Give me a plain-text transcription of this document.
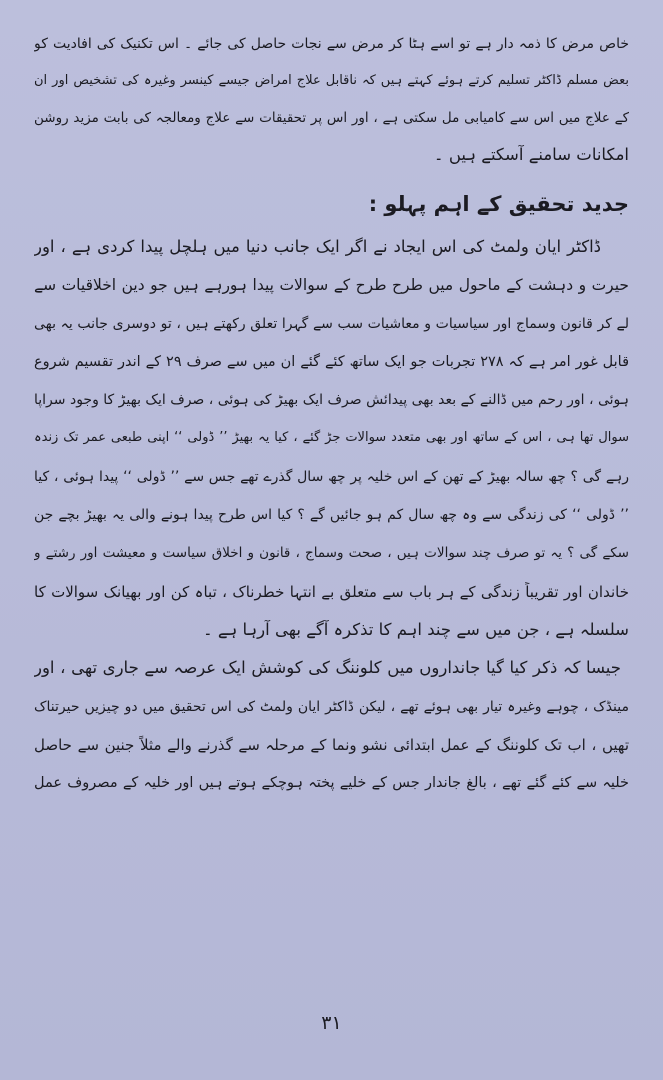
خاص مرض کا ذمہ دار ہے تو اسے ہٹا کر مرض سے نجات حاصل کی جائے ۔ اس تکنیک کی افادیت کو

بعض مسلم ڈاکٹر تسلیم کرتے ہوئے کہتے ہیں کہ ناقابل علاج امراض جیسے کینسر وغیرہ کی تشخیص اور ان

کے علاج میں اس سے کامیابی مل سکتی ہے ، اور اس پر تحقیقات سے علاج ومعالجہ کی بابت مزید روشن

امکانات سامنے آسکتے ہیں ۔

جدید تحقیق کے اہم پہلو :

ڈاکٹر ایان ولمٹ کی اس ایجاد نے اگر ایک جانب دنیا میں ہلچل پیدا کردی ہے ، اور

حیرت و دہشت کے ماحول میں طرح طرح کے سوالات پیدا ہورہے ہیں جو دین اخلاقیات سے

لے کر قانون وسماج اور سیاسیات و معاشیات سب سے گہرا تعلق رکھتے ہیں ، تو دوسری جانب یہ بھی

قابل غور امر ہے کہ ۲۷۸ تجربات جو ایک ساتھ کئے گئے ان میں سے صرف ۲۹ کے اندر تقسیم شروع

ہوئی ، اور رحم میں ڈالنے کے بعد بھی پیدائش صرف ایک بھیڑ کی ہوئی ، صرف ایک بھیڑ کا وجود سراپا

سوال تھا ہی ، اس کے ساتھ اور بھی متعدد سوالات جڑ گئے ، کیا یہ بھیڑ ’’ ڈولی ‘‘ اپنی طبعی عمر تک زندہ

رہے گی ؟ چھ سالہ بھیڑ کے تھن کے اس خلیہ پر چھ سال گذرے تھے جس سے ’’ ڈولی ‘‘ پیدا ہوئی ، کیا

’’ ڈولی ‘‘ کی زندگی سے وہ چھ سال کم ہو جائیں گے ؟ کیا اس طرح پیدا ہونے والی یہ بھیڑ بچے جن

سکے گی ؟ یہ تو صرف چند سوالات ہیں ، صحت وسماج ، قانون و اخلاق سیاست و معیشت اور رشتے و

خاندان اور تقریباً زندگی کے ہر باب سے متعلق بے انتہا خطرناک ، تباہ کن اور بھیانک سوالات کا

سلسلہ ہے ، جن میں سے چند اہم کا تذکرہ آگے بھی آرہا ہے ۔

جیسا کہ ذکر کیا گیا جانداروں میں کلوننگ کی کوشش ایک عرصہ سے جاری تھی ، اور

مینڈک ، چوہے وغیرہ تیار بھی ہوئے تھے ، لیکن ڈاکٹر ایان ولمٹ کی اس تحقیق میں دو چیزیں حیرتناک

تھیں ، اب تک کلوننگ کے عمل ابتدائی نشو ونما کے مرحلہ سے گذرنے والے مثلاً جنین سے حاصل

خلیہ سے کئے گئے تھے ، بالغ جاندار جس کے خلیے پختہ ہوچکے ہوتے ہیں اور خلیہ کے مصروف عمل

۳۱
